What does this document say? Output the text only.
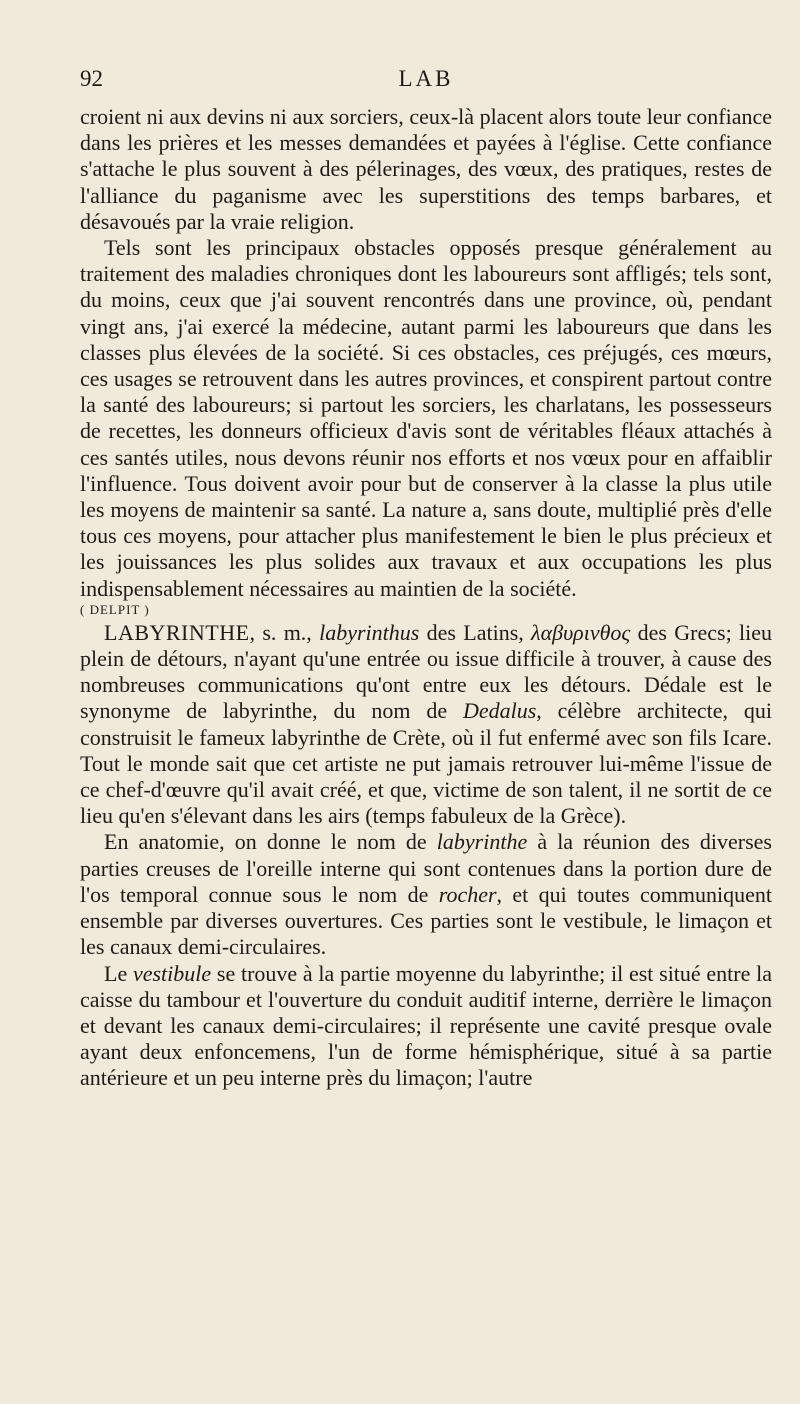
92	LAB

croient ni aux devins ni aux sorciers, ceux-là placent alors toute leur confiance dans les prières et les messes demandées et payées à l'église. Cette confiance s'attache le plus souvent à des pélerinages, des vœux, des pratiques, restes de l'alliance du paganisme avec les superstitions des temps barbares, et désavoués par la vraie religion.

Tels sont les principaux obstacles opposés presque généralement au traitement des maladies chroniques dont les laboureurs sont affligés; tels sont, du moins, ceux que j'ai souvent rencontrés dans une province, où, pendant vingt ans, j'ai exercé la médecine, autant parmi les laboureurs que dans les classes plus élevées de la société. Si ces obstacles, ces préjugés, ces mœurs, ces usages se retrouvent dans les autres provinces, et conspirent partout contre la santé des laboureurs; si partout les sorciers, les charlatans, les possesseurs de recettes, les donneurs officieux d'avis sont de véritables fléaux attachés à ces santés utiles, nous devons réunir nos efforts et nos vœux pour en affaiblir l'influence. Tous doivent avoir pour but de conserver à la classe la plus utile les moyens de maintenir sa santé. La nature a, sans doute, multiplié près d'elle tous ces moyens, pour attacher plus manifestement le bien le plus précieux et les jouissances les plus solides aux travaux et aux occupations les plus indispensablement nécessaires au maintien de la société.

( DELPIT )

LABYRINTHE, s. m., labyrinthus des Latins, λαβυρινθος des Grecs; lieu plein de détours, n'ayant qu'une entrée ou issue difficile à trouver, à cause des nombreuses communications qu'ont entre eux les détours. Dédale est le synonyme de labyrinthe, du nom de Dedalus, célèbre architecte, qui construisit le fameux labyrinthe de Crète, où il fut enfermé avec son fils Icare. Tout le monde sait que cet artiste ne put jamais retrouver lui-même l'issue de ce chef-d'œuvre qu'il avait créé, et que, victime de son talent, il ne sortit de ce lieu qu'en s'élevant dans les airs (temps fabuleux de la Grèce).

En anatomie, on donne le nom de labyrinthe à la réunion des diverses parties creuses de l'oreille interne qui sont contenues dans la portion dure de l'os temporal connue sous le nom de rocher, et qui toutes communiquent ensemble par diverses ouvertures. Ces parties sont le vestibule, le limaçon et les canaux demi-circulaires.

Le vestibule se trouve à la partie moyenne du labyrinthe; il est situé entre la caisse du tambour et l'ouverture du conduit auditif interne, derrière le limaçon et devant les canaux demi-circulaires; il représente une cavité presque ovale ayant deux enfoncemens, l'un de forme hémisphérique, situé à sa partie antérieure et un peu interne près du limaçon; l'autre
